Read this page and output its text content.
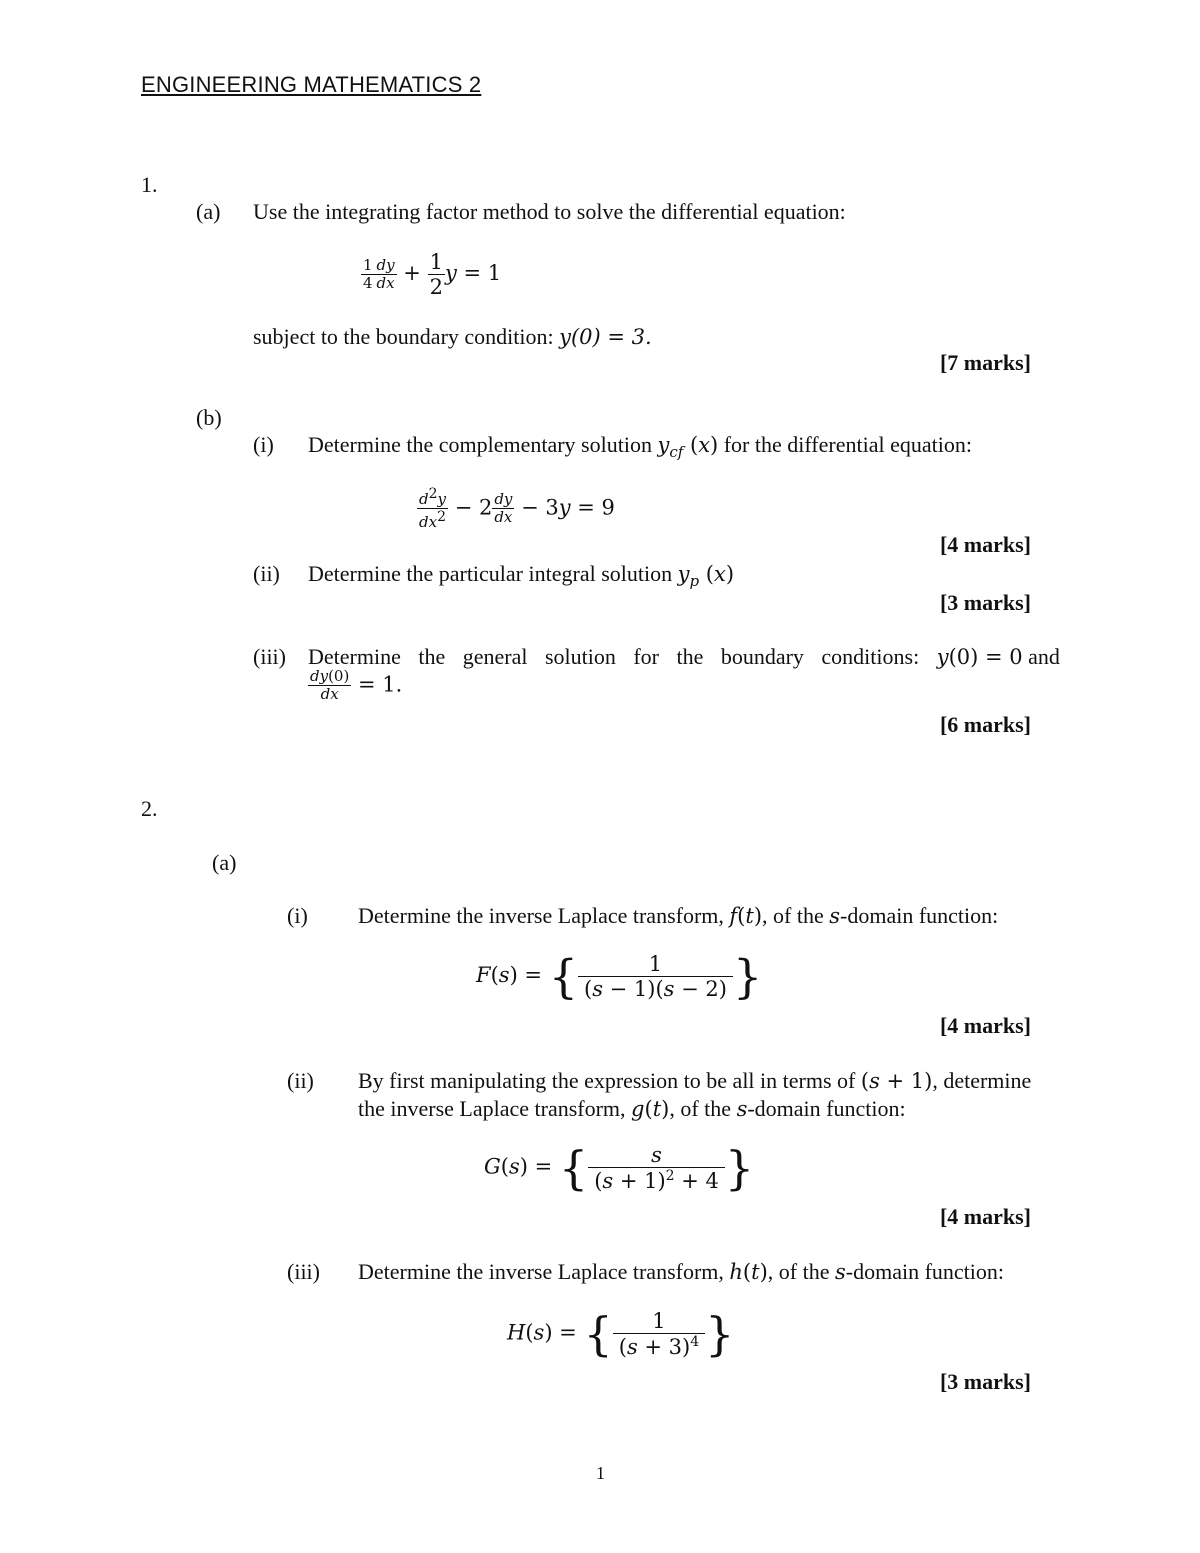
ENGINEERING MATHEMATICS 2
1.
(a) Use the integrating factor method to solve the differential equation:
$\frac{1}{4} \frac{dy}{dx} + \frac{1}{2}$ y = 1
subject to the boundary condition: y(0) = 3.
[7 marks]
(b)
(i) Determine the complementary solution $y_{cf}$ (x) for the differential equation:
$\frac{d^2y}{dx^2} - 2 \frac{dy}{dx} - 3y = 9$
[4 marks]
(ii) Determine the particular integral solution $y_p$ (x)
[3 marks]
(iii) Determine the general solution for the boundary conditions: y(0) = 0 and
$\frac{dy(0)}{dx} = 1$.
[6 marks]
2.
(a)
(i) Determine the inverse Laplace transform, f(t), of the s-domain function:
F(s) = { $\frac{1}{(s - 1)(s - 2)}$ }
[4 marks]
(ii) By first manipulating the expression to be all in terms of (s + 1), determine
the inverse Laplace transform, g(t), of the s-domain function:
G(s) = { $\frac{s}{(s + 1)^2 + 4}$ }
[4 marks]
(iii) Determine the inverse Laplace transform, h(t), of the s-domain function:
H(s) = { $\frac{1}{(s + 3)^4}$ }
[3 marks]
1
